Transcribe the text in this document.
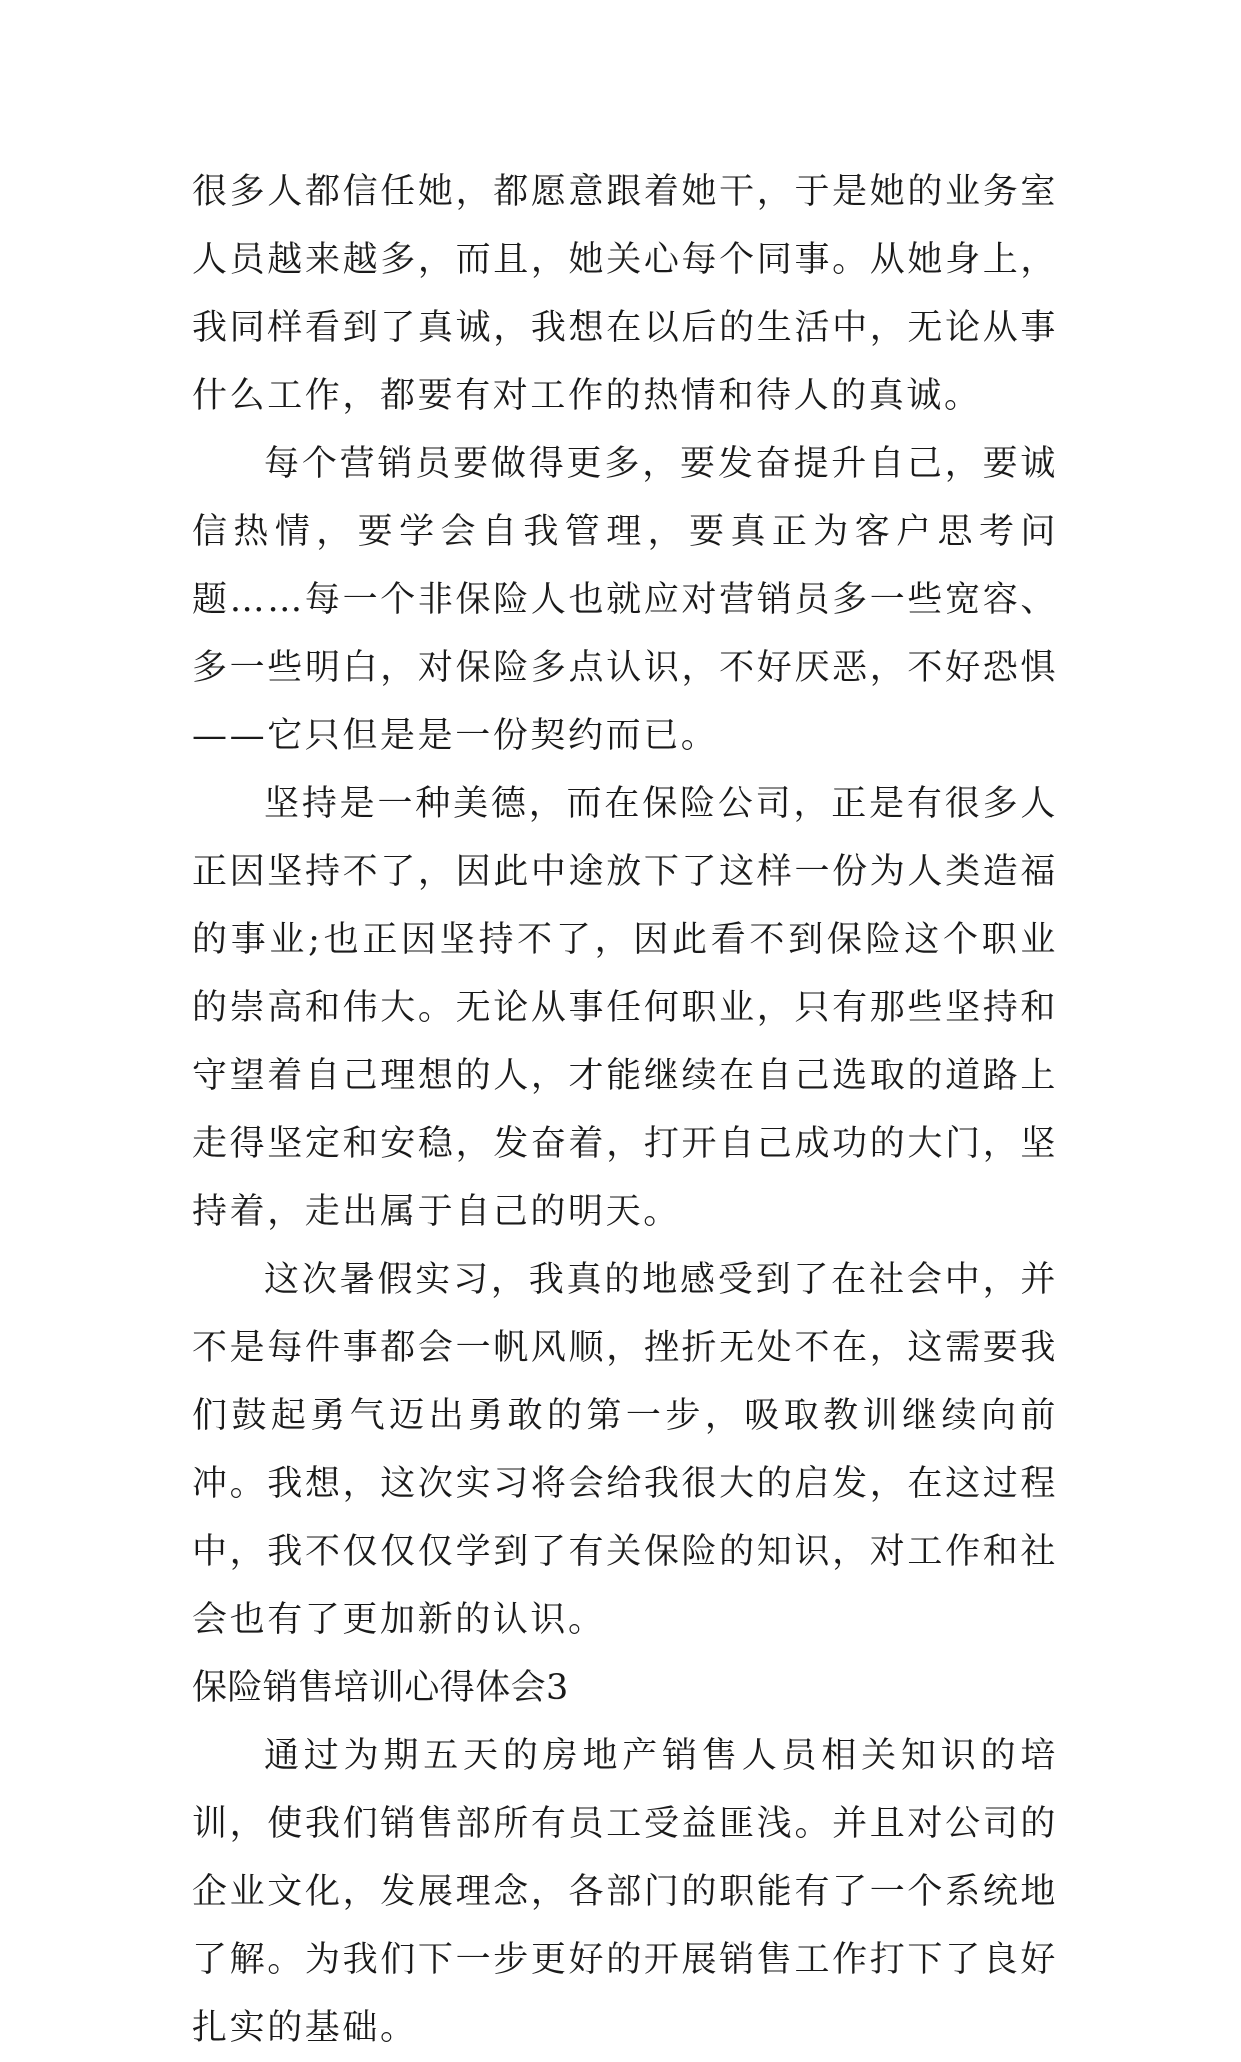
很多人都信任她，都愿意跟着她干，于是她的业务室人员越来越多，而且，她关心每个同事。从她身上，我同样看到了真诚，我想在以后的生活中，无论从事什么工作，都要有对工作的热情和待人的真诚。

每个营销员要做得更多，要发奋提升自己，要诚信热情，要学会自我管理，要真正为客户思考问题……每一个非保险人也就应对营销员多一些宽容、多一些明白，对保险多点认识，不好厌恶，不好恐惧——它只但是是一份契约而已。

坚持是一种美德，而在保险公司，正是有很多人正因坚持不了，因此中途放下了这样一份为人类造福的事业;也正因坚持不了，因此看不到保险这个职业的崇高和伟大。无论从事任何职业，只有那些坚持和守望着自己理想的人，才能继续在自己选取的道路上走得坚定和安稳，发奋着，打开自己成功的大门，坚持着，走出属于自己的明天。

这次暑假实习，我真的地感受到了在社会中，并不是每件事都会一帆风顺，挫折无处不在，这需要我们鼓起勇气迈出勇敢的第一步，吸取教训继续向前冲。我想，这次实习将会给我很大的启发，在这过程中，我不仅仅仅学到了有关保险的知识，对工作和社会也有了更加新的认识。

保险销售培训心得体会3

通过为期五天的房地产销售人员相关知识的培训，使我们销售部所有员工受益匪浅。并且对公司的企业文化，发展理念，各部门的职能有了一个系统地了解。为我们下一步更好的开展销售工作打下了良好扎实的基础。
